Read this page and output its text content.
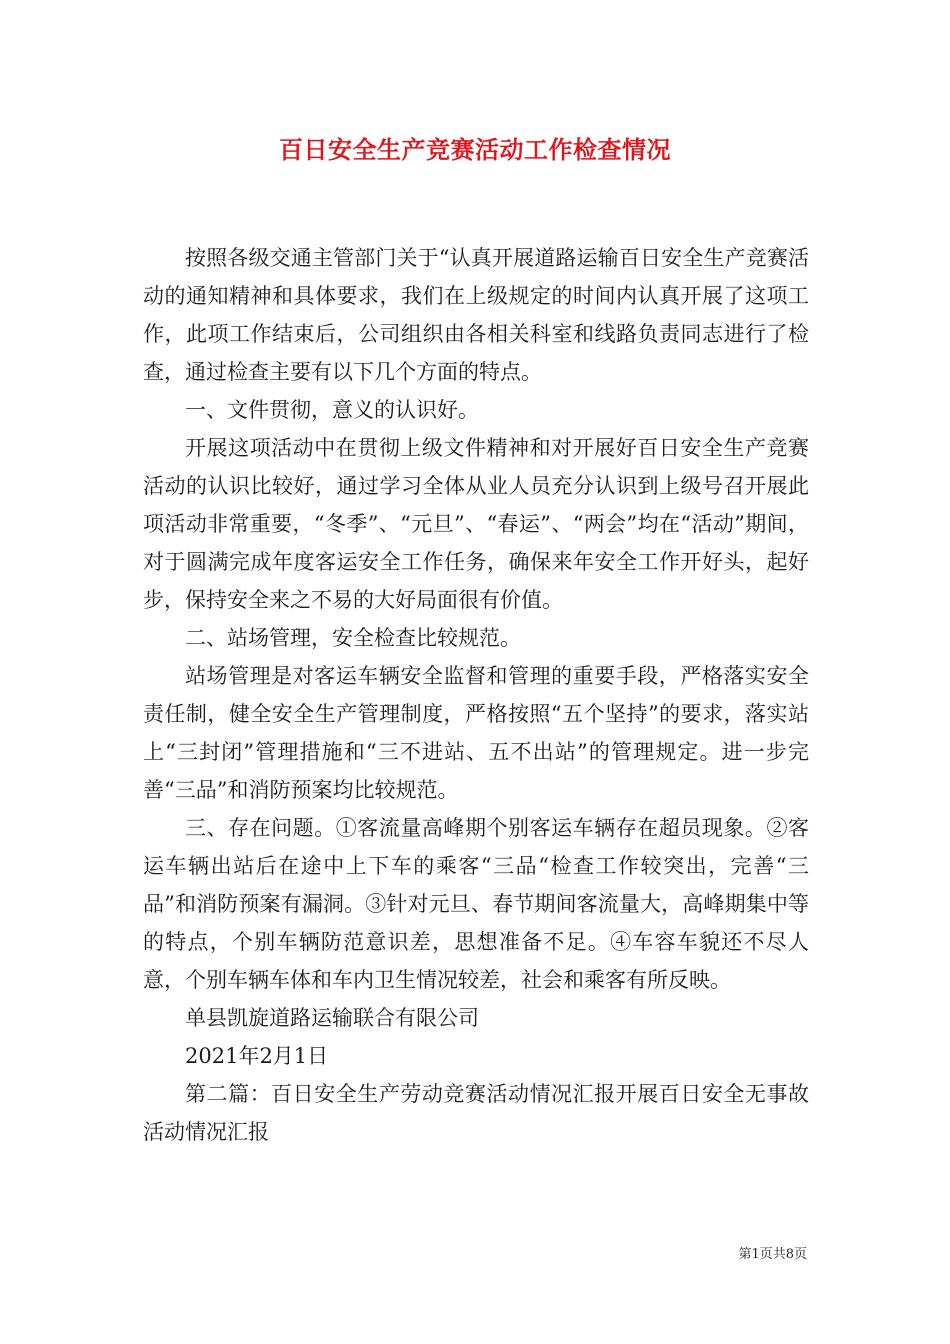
百日安全生产竞赛活动工作检查情况

按照各级交通主管部门关于“认真开展道路运输百日安全生产竞赛活动的通知精神和具体要求，我们在上级规定的时间内认真开展了这项工作，此项工作结束后，公司组织由各相关科室和线路负责同志进行了检查，通过检查主要有以下几个方面的特点。

一、文件贯彻，意义的认识好。

开展这项活动中在贯彻上级文件精神和对开展好百日安全生产竞赛活动的认识比较好，通过学习全体从业人员充分认识到上级号召开展此项活动非常重要，“冬季”、“元旦”、“春运”、“两会”均在“活动”期间，对于圆满完成年度客运安全工作任务，确保来年安全工作开好头，起好步，保持安全来之不易的大好局面很有价值。

二、站场管理，安全检查比较规范。

站场管理是对客运车辆安全监督和管理的重要手段，严格落实安全责任制，健全安全生产管理制度，严格按照“五个坚持”的要求，落实站上“三封闭”管理措施和“三不进站、五不出站”的管理规定。进一步完善“三品”和消防预案均比较规范。

三、存在问题。①客流量高峰期个别客运车辆存在超员现象。②客运车辆出站后在途中上下车的乘客“三品“检查工作较突出，完善“三品”和消防预案有漏洞。③针对元旦、春节期间客流量大，高峰期集中等的特点，个别车辆防范意识差，思想准备不足。④车容车貌还不尽人意，个别车辆车体和车内卫生情况较差，社会和乘客有所反映。

单县凯旋道路运输联合有限公司

2021年2月1日

第二篇：百日安全生产劳动竞赛活动情况汇报开展百日安全无事故活动情况汇报

第1页共8页
